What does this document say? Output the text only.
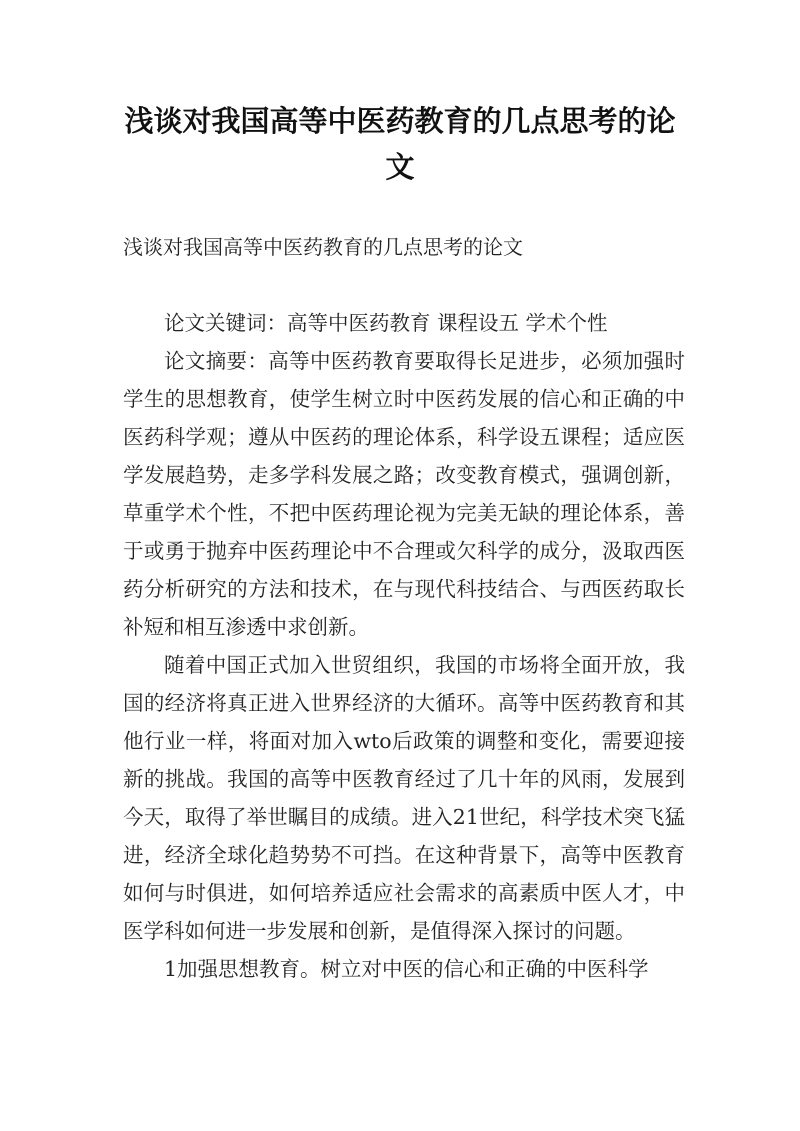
浅谈对我国高等中医药教育的几点思考的论文

浅谈对我国高等中医药教育的几点思考的论文

论文关键词：高等中医药教育 课程设五 学术个性

论文摘要：高等中医药教育要取得长足进步，必须加强时学生的思想教育，使学生树立时中医药发展的信心和正确的中医药科学观；遵从中医药的理论体系，科学设五课程；适应医学发展趋势，走多学科发展之路；改变教育模式，强调创新，草重学术个性，不把中医药理论视为完美无缺的理论体系，善于或勇于抛弃中医药理论中不合理或欠科学的成分，汲取西医药分析研究的方法和技术，在与现代科技结合、与西医药取长补短和相互渗透中求创新。

随着中国正式加入世贸组织，我国的市场将全面开放，我国的经济将真正进入世界经济的大循环。高等中医药教育和其他行业一样，将面对加入wto后政策的调整和变化，需要迎接新的挑战。我国的高等中医教育经过了几十年的风雨，发展到今天，取得了举世瞩目的成绩。进入21世纪，科学技术突飞猛进，经济全球化趋势势不可挡。在这种背景下，高等中医教育如何与时俱进，如何培养适应社会需求的高素质中医人才，中医学科如何进一步发展和创新，是值得深入探讨的问题。

1加强思想教育。树立对中医的信心和正确的中医科学
